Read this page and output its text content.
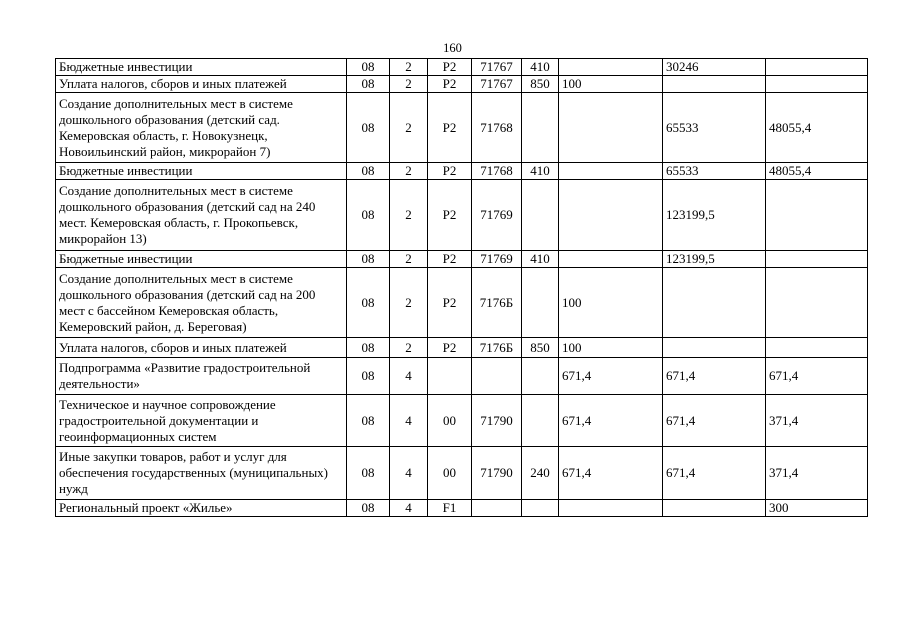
160
Бюджетные инвестиции	08	2	P2	71767	410		30246	
Уплата налогов, сборов и иных платежей	08	2	P2	71767	850	100		
Создание дополнительных мест в системе дошкольного образования (детский сад. Кемеровская область, г. Новокузнецк, Новоильинский район, микрорайон 7)	08	2	P2	71768			65533	48055,4
Бюджетные инвестиции	08	2	P2	71768	410		65533	48055,4
Создание дополнительных мест в системе дошкольного образования (детский сад на 240 мест. Кемеровская область, г. Прокопьевск, микрорайон 13)	08	2	P2	71769			123199,5	
Бюджетные инвестиции	08	2	P2	71769	410		123199,5	
Создание дополнительных мест в системе дошкольного образования (детский сад на 200 мест с бассейном Кемеровская область, Кемеровский район, д. Береговая)	08	2	P2	7176Б		100		
Уплата налогов, сборов и иных платежей	08	2	P2	7176Б	850	100		
Подпрограмма «Развитие градостроительной деятельности»	08	4				671,4	671,4	671,4
Техническое и научное сопровождение градостроительной документации и геоинформационных систем	08	4	00	71790		671,4	671,4	371,4
Иные закупки товаров, работ и услуг для обеспечения государственных (муниципальных) нужд	08	4	00	71790	240	671,4	671,4	371,4
Региональный проект «Жилье»	08	4	F1					300
